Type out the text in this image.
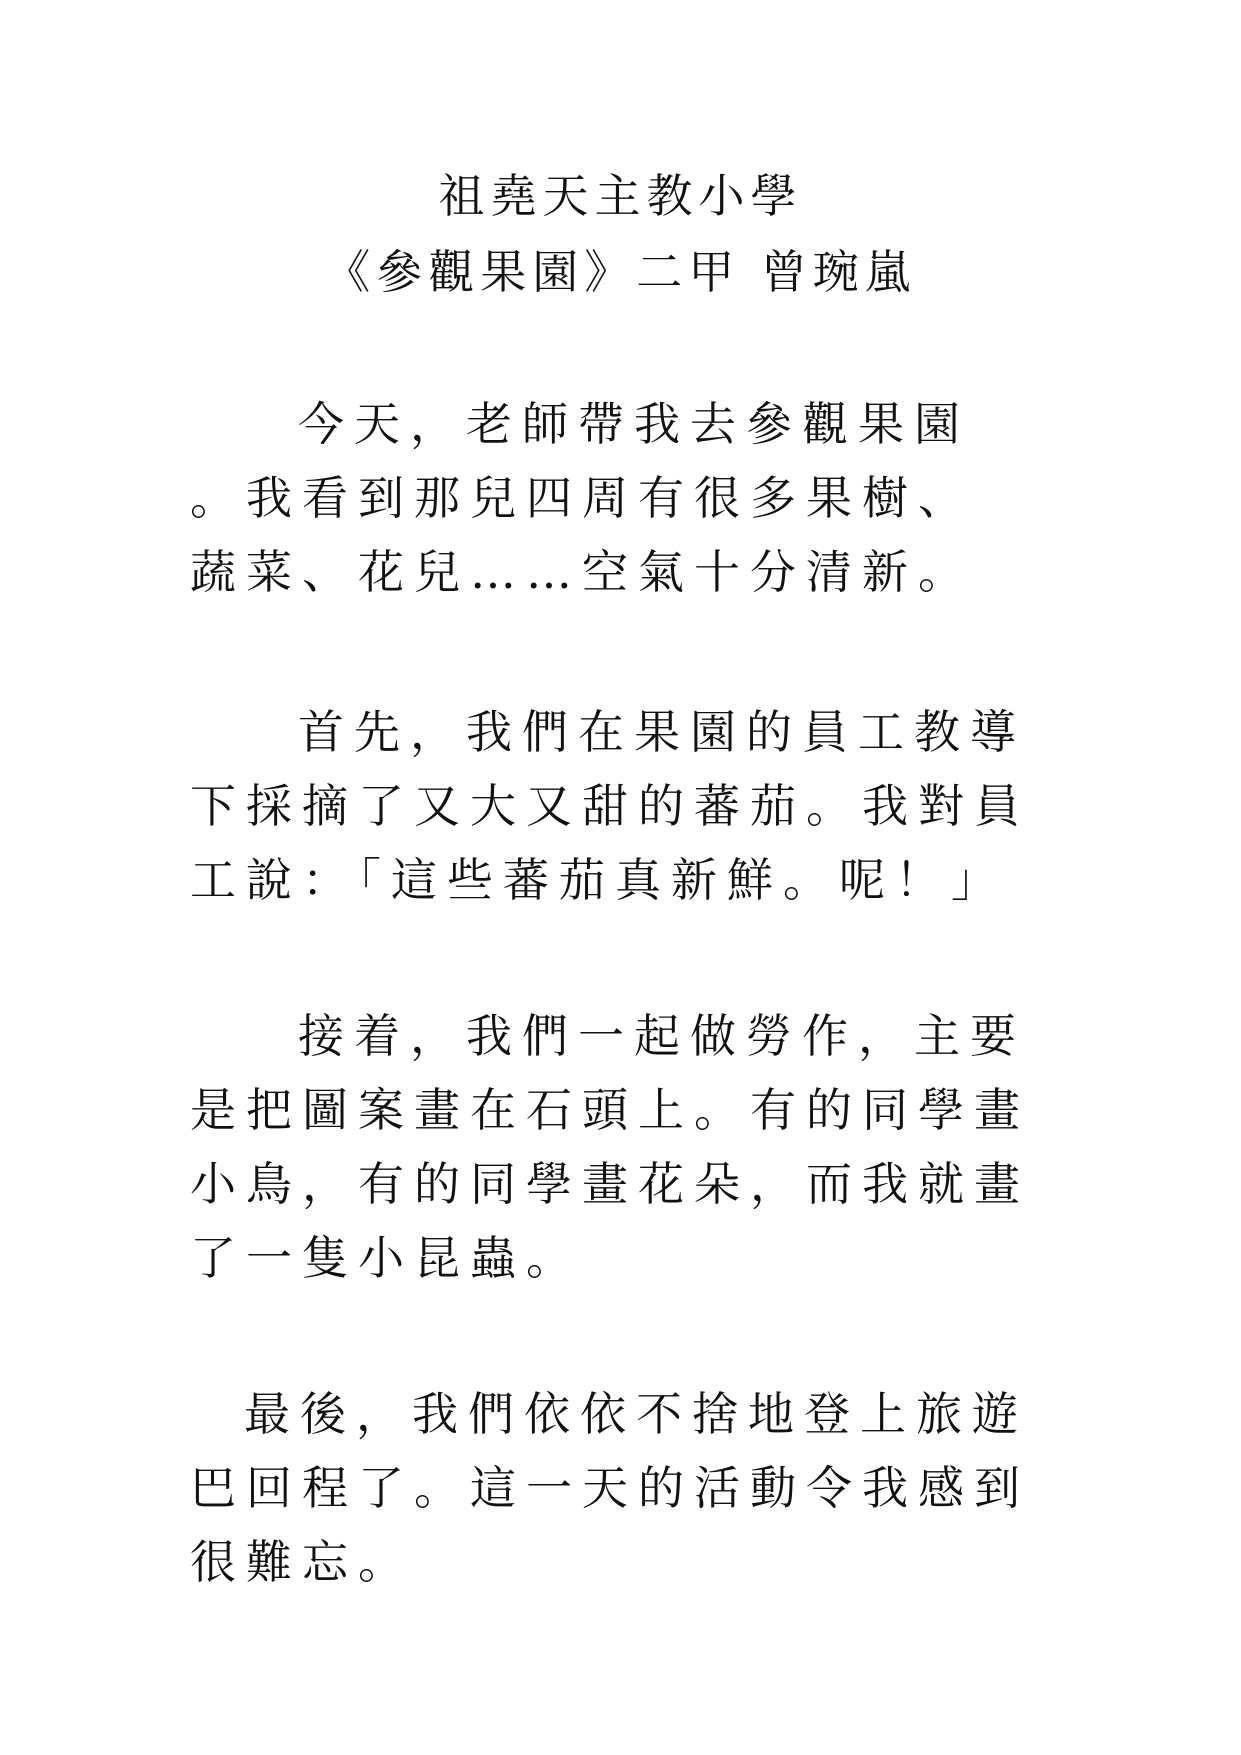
祖堯天主教小學
《參觀果園》二甲 曾琬嵐
今天，老師帶我去參觀果園
。我看到那兒四周有很多果樹、
蔬菜、花兒……空氣十分清新。
首先，我們在果園的員工教導
下採摘了又大又甜的蕃茄。我對員
工說：「這些蕃茄真新鮮。呢！」
接着，我們一起做勞作，主要
是把圖案畫在石頭上。有的同學畫
小鳥，有的同學畫花朵，而我就畫
了一隻小昆蟲。
最後，我們依依不捨地登上旅遊
巴回程了。這一天的活動令我感到
很難忘。
